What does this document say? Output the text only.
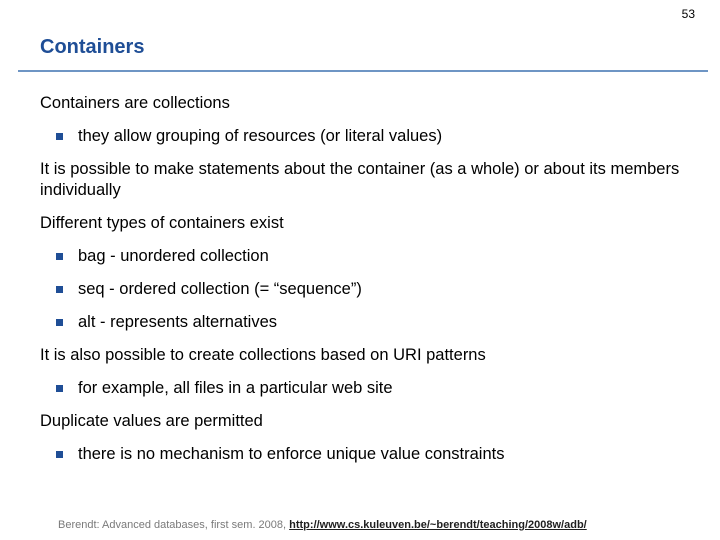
53
Containers

Containers are collections

they allow grouping of resources (or literal values)

It is possible to make statements about the container (as a whole) or about its members individually

Different types of containers exist

bag - unordered collection
seq - ordered collection (= “sequence”)
alt - represents alternatives

It is also possible to create collections based on URI patterns

for example, all files in a particular web site

Duplicate values are permitted

there is no mechanism to enforce unique value constraints
Berendt: Advanced databases, first sem. 2008, http://www.cs.kuleuven.be/~berendt/teaching/2008w/adb/
